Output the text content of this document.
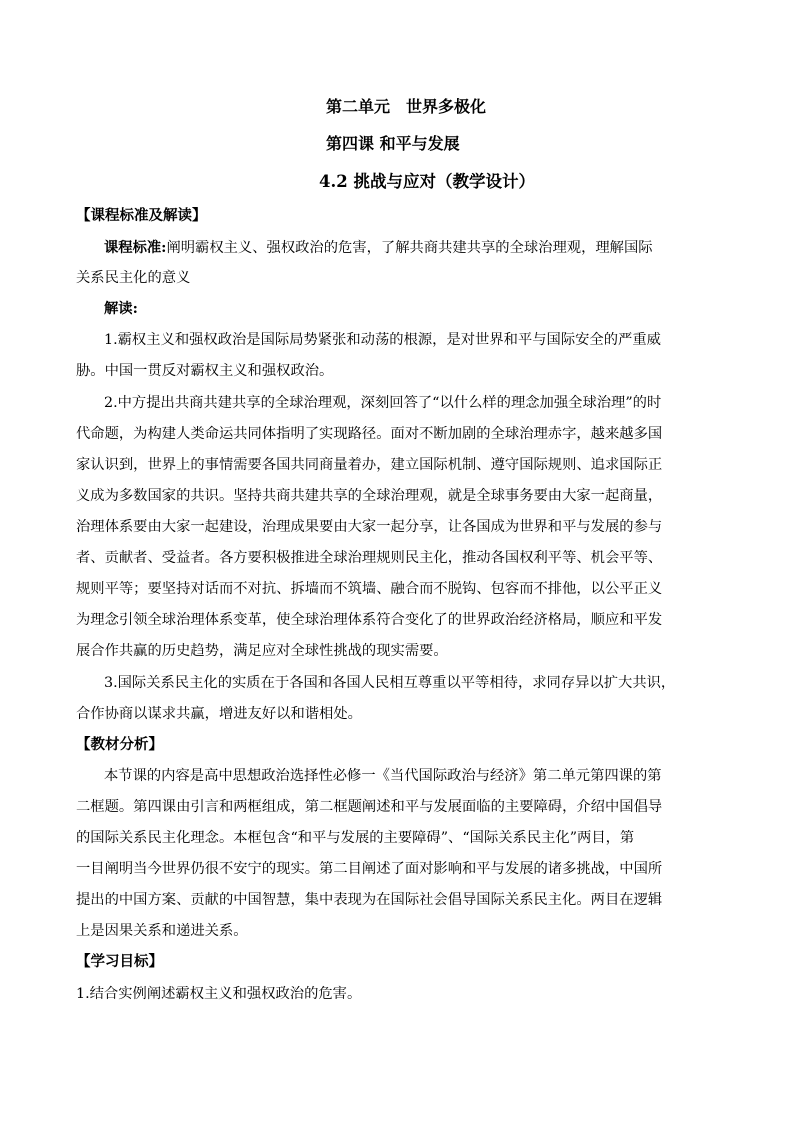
第二单元　世界多极化
第四课 和平与发展
4.2 挑战与应对（教学设计）
【课程标准及解读】
课程标准:阐明霸权主义、强权政治的危害，了解共商共建共享的全球治理观，理解国际
关系民主化的意义
解读:
1.霸权主义和强权政治是国际局势紧张和动荡的根源，是对世界和平与国际安全的严重威
胁。中国一贯反对霸权主义和强权政治。
2.中方提出共商共建共享的全球治理观，深刻回答了“以什么样的理念加强全球治理”的时
代命题，为构建人类命运共同体指明了实现路径。面对不断加剧的全球治理赤字，越来越多国
家认识到，世界上的事情需要各国共同商量着办，建立国际机制、遵守国际规则、追求国际正
义成为多数国家的共识。坚持共商共建共享的全球治理观，就是全球事务要由大家一起商量，
治理体系要由大家一起建设，治理成果要由大家一起分享，让各国成为世界和平与发展的参与
者、贡献者、受益者。各方要积极推进全球治理规则民主化，推动各国权利平等、机会平等、
规则平等；要坚持对话而不对抗、拆墙而不筑墙、融合而不脱钩、包容而不排他，以公平正义
为理念引领全球治理体系变革，使全球治理体系符合变化了的世界政治经济格局，顺应和平发
展合作共赢的历史趋势，满足应对全球性挑战的现实需要。
3.国际关系民主化的实质在于各国和各国人民相互尊重以平等相待，求同存异以扩大共识，
合作协商以谋求共赢，增进友好以和谐相处。
【教材分析】
本节课的内容是高中思想政治选择性必修一《当代国际政治与经济》第二单元第四课的第
二框题。第四课由引言和两框组成，第二框题阐述和平与发展面临的主要障碍，介绍中国倡导
的国际关系民主化理念。本框包含“和平与发展的主要障碍”、“国际关系民主化”两目，第
一目阐明当今世界仍很不安宁的现实。第二目阐述了面对影响和平与发展的诸多挑战，中国所
提出的中国方案、贡献的中国智慧，集中表现为在国际社会倡导国际关系民主化。两目在逻辑
上是因果关系和递进关系。
【学习目标】
1.结合实例阐述霸权主义和强权政治的危害。
